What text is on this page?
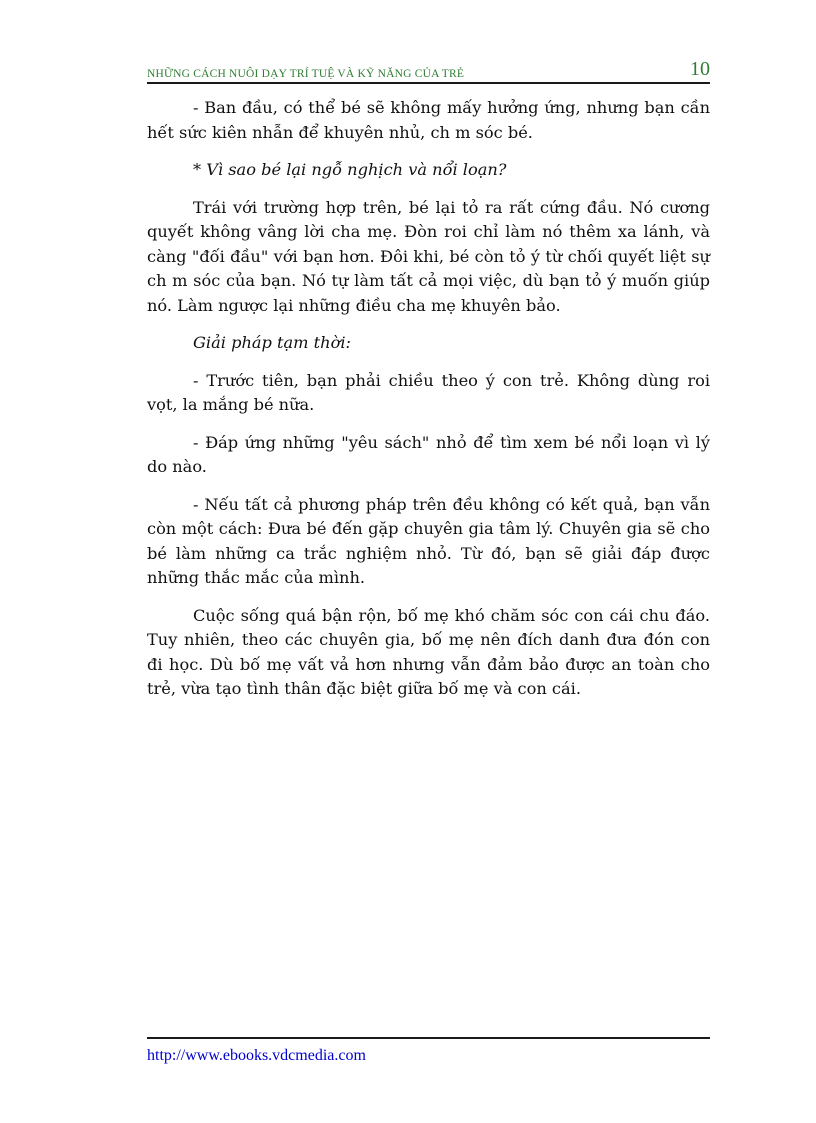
NHỮNG CÁCH NUÔI DẠY TRÍ TUỆ VÀ KỸ NĂNG CỦA TRẺ	10

- Ban đầu, có thể bé sẽ không mấy hưởng ứng, nhưng bạn cần hết sức kiên nhẫn để khuyên nhủ, ch m sóc bé.

* Vì sao bé lại ngỗ nghịch và nổi loạn?

Trái với trường hợp trên, bé lại tỏ ra rất cứng đầu. Nó cương quyết không vâng lời cha mẹ. Đòn roi chỉ làm nó thêm xa lánh, và càng "đối đầu" với bạn hơn. Đôi khi, bé còn tỏ ý từ chối quyết liệt sự ch m sóc của bạn. Nó tự làm tất cả mọi việc, dù bạn tỏ ý muốn giúp nó. Làm ngược lại những điều cha mẹ khuyên bảo.

Giải pháp tạm thời:

- Trước tiên, bạn phải chiều theo ý con trẻ. Không dùng roi vọt, la mắng bé nữa.

- Đáp ứng những "yêu sách" nhỏ để tìm xem bé nổi loạn vì lý do nào.

- Nếu tất cả phương pháp trên đều không có kết quả, bạn vẫn còn một cách: Đưa bé đến gặp chuyên gia tâm lý. Chuyên gia sẽ cho bé làm những ca trắc nghiệm nhỏ. Từ đó, bạn sẽ giải đáp được những thắc mắc của mình.

Cuộc sống quá bận rộn, bố mẹ khó chăm sóc con cái chu đáo. Tuy nhiên, theo các chuyên gia, bố mẹ nên đích danh đưa đón con đi học. Dù bố mẹ vất vả hơn nhưng vẫn đảm bảo được an toàn cho trẻ, vừa tạo tình thân đặc biệt giữa bố mẹ và con cái.

http://www.ebooks.vdcmedia.com
